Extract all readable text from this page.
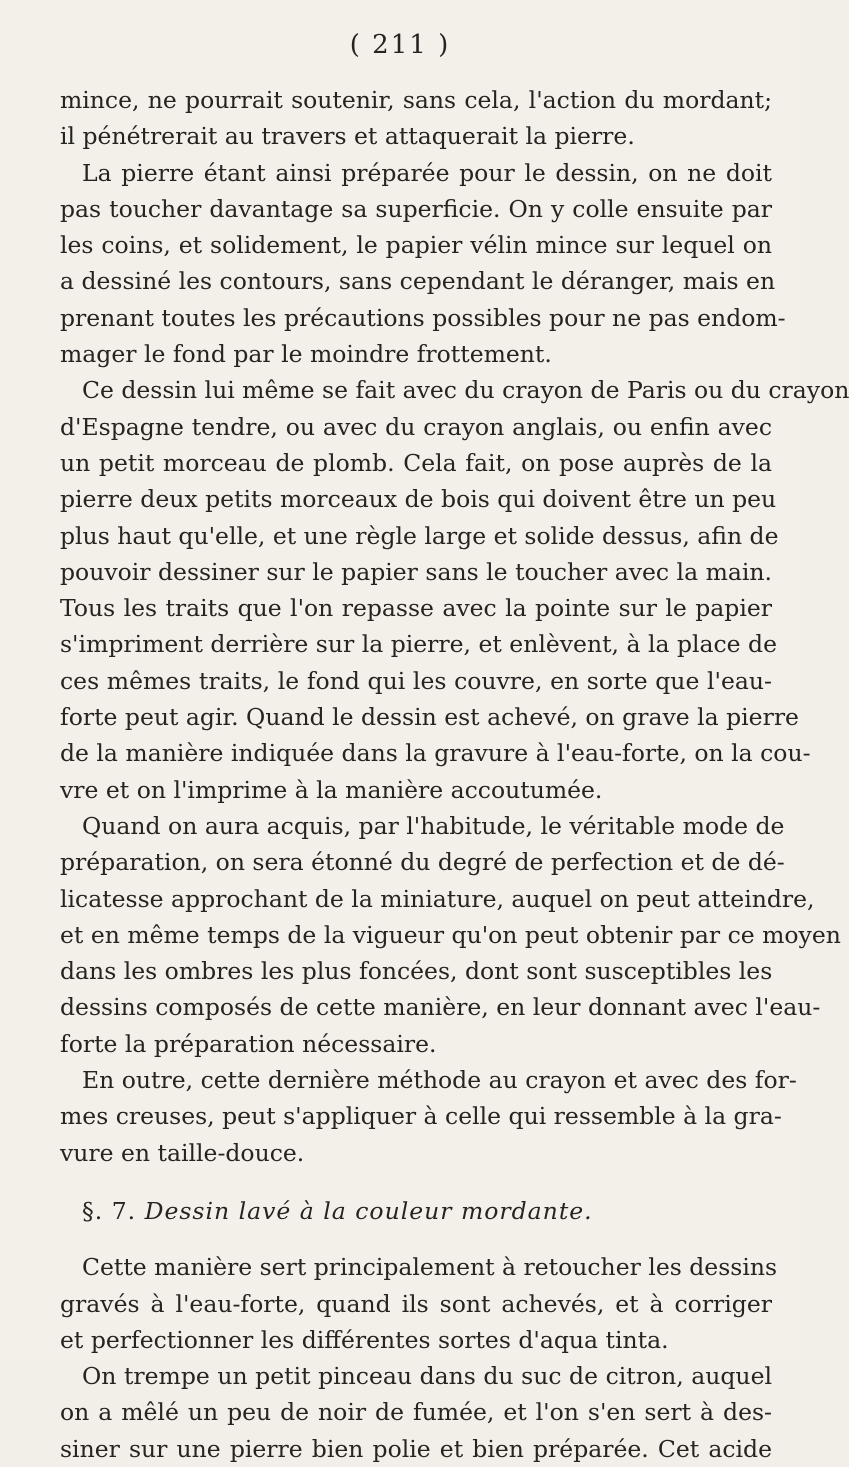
( 211 )
mince, ne pourrait soutenir, sans cela, l'action du mordant;
il pénétrerait au travers et attaquerait la pierre.
La pierre étant ainsi préparée pour le dessin, on ne doit
pas toucher davantage sa superficie. On y colle ensuite par
les coins, et solidement, le papier vélin mince sur lequel on
a dessiné les contours, sans cependant le déranger, mais en
prenant toutes les précautions possibles pour ne pas endom-
mager le fond par le moindre frottement.
Ce dessin lui même se fait avec du crayon de Paris ou du crayon
d'Espagne tendre, ou avec du crayon anglais, ou enfin avec
un petit morceau de plomb. Cela fait, on pose auprès de la
pierre deux petits morceaux de bois qui doivent être un peu
plus haut qu'elle, et une règle large et solide dessus, afin de
pouvoir dessiner sur le papier sans le toucher avec la main.
Tous les traits que l'on repasse avec la pointe sur le papier
s'impriment derrière sur la pierre, et enlèvent, à la place de
ces mêmes traits, le fond qui les couvre, en sorte que l'eau-
forte peut agir. Quand le dessin est achevé, on grave la pierre
de la manière indiquée dans la gravure à l'eau-forte, on la cou-
vre et on l'imprime à la manière accoutumée.
Quand on aura acquis, par l'habitude, le véritable mode de
préparation, on sera étonné du degré de perfection et de dé-
licatesse approchant de la miniature, auquel on peut atteindre,
et en même temps de la vigueur qu'on peut obtenir par ce moyen
dans les ombres les plus foncées, dont sont susceptibles les
dessins composés de cette manière, en leur donnant avec l'eau-
forte la préparation nécessaire.
En outre, cette dernière méthode au crayon et avec des for-
mes creuses, peut s'appliquer à celle qui ressemble à la gra-
vure en taille-douce.
§. 7. Dessin lavé à la couleur mordante.
Cette manière sert principalement à retoucher les dessins
gravés à l'eau-forte, quand ils sont achevés, et à corriger
et perfectionner les différentes sortes d'aqua tinta.
On trempe un petit pinceau dans du suc de citron, auquel
on a mêlé un peu de noir de fumée, et l'on s'en sert à des-
siner sur une pierre bien polie et bien préparée. Cet acide
